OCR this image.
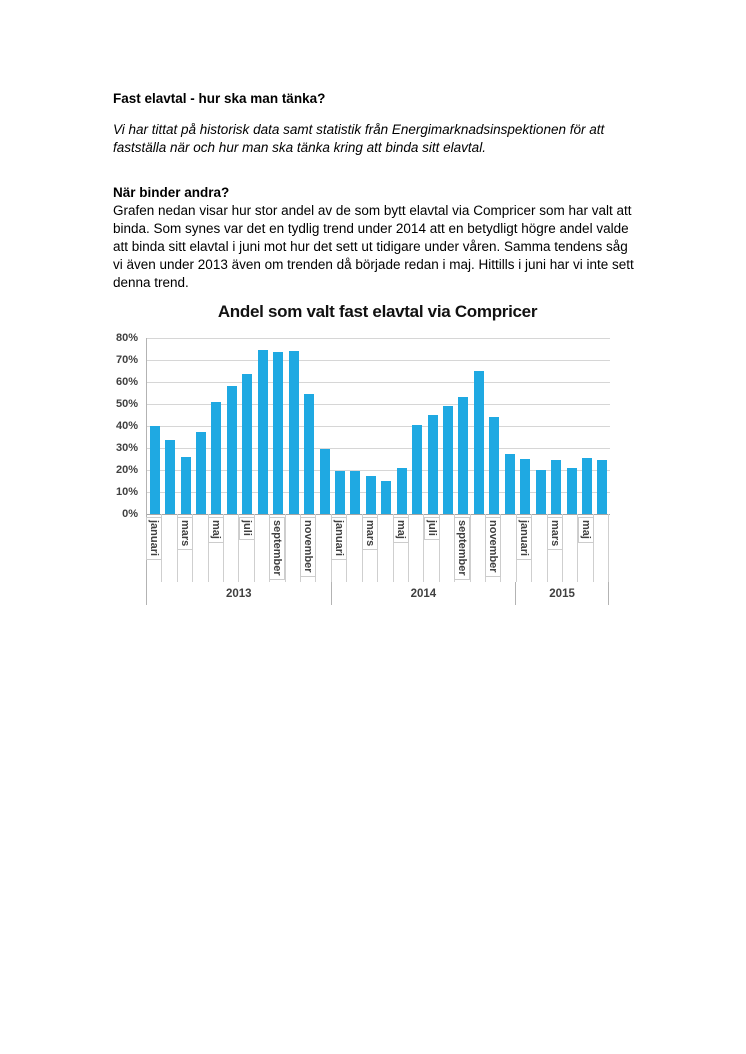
Fast elavtal - hur ska man tänka?

Vi har tittat på historisk data samt statistik från Energimarknadsinspektionen för att fastställa när och hur man ska tänka kring att binda sitt elavtal.

När binder andra?

Grafen nedan visar hur stor andel av de som bytt elavtal via Compricer som har valt att binda. Som synes var det en tydlig trend under 2014 att en betydligt högre andel valde att binda sitt elavtal i juni mot hur det sett ut tidigare under våren. Samma tendens såg vi även under 2013 även om trenden då började redan i maj. Hittills i juni har vi inte sett denna trend.

Andel som valt fast elavtal via Compricer
0%
10%
20%
30%
40%
50%
60%
70%
80%
januari mars maj juli september november januari mars maj juli september november januari mars maj
2013	2014	2015
